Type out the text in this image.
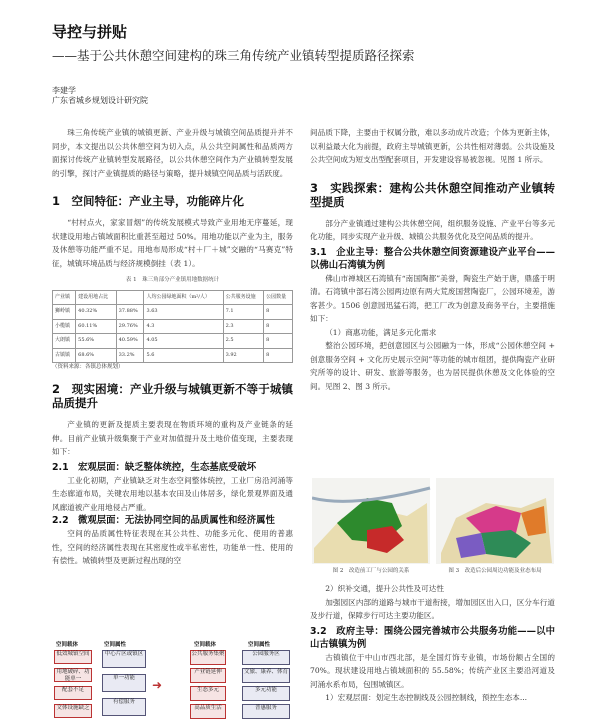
导控与拼贴
——基于公共休憩空间建构的珠三角传统产业镇转型提质路径探索
李建学
广东省城乡规划设计研究院

珠三角传统产业镇的城镇更新、产业升级与城镇空间品质提升并不同步，本文提出以公共休憩空间为切入点，从公共空间属性和品质两方面探讨传统产业镇转型发展路径，以公共休憩空间作为产业镇转型发展的引擎，探讨产业镇提质的路径与策略，提升城镇空间品质与活跃度。

1　空间特征：产业主导，功能碎片化

“村村点火，家家冒烟”的传统发展模式导致产业用地无序蔓延，现状建设用地占镇域面积比重甚至超过 50%。用地功能以产业为主，服务及休憩等功能严重不足。用地布局形成“村＋厂＋城”交融的“马赛克”特征，城镇环境品质与经济规模倒挂（表 1）。

表 1　珠三角部分产业镇用地数据统计
产业镇	建设用地占比		人均公园绿地面积（m²/人）	公共服务设施	公园数量
狮岭镇	40.32%	37.88%	3.63	7.1	8
小榄镇	60.11%	29.76%	4.3	2.3	8
大朗镇	55.6%	40.59%	4.05	2.5	8
古镇镇	68.6%	33.2%	5.6	3.92	8
（资料来源：各镇总体规划）
2　现实困境：产业升级与城镇更新不等于城镇品质提升

产业镇的更新及提质主要表现在物质环境的重构及产业链条的延伸。目前产业镇升级集聚于产业对加值提升及土地价值变现，主要表现如下：

2.1　宏观层面：缺乏整体统控，生态基底受破坏

工业化初期，产业镇缺乏对生态空间整体统控，工业厂房沿河涌等生态廊道布局，关键农用地以基本农田及山体居多，绿化景观界面及通风廊道被产业用地侵占严重。

2.2　微观层面：无法协同空间的品质属性和经济属性

空间的品质属性特征表现在其公共性、功能多元化、使用的普惠性，空间的经济属性表现在其密度性或半私密性，功能单一性、使用的有偿性。城镇转型及更新过程出现的空

空间载体	空间属性	空间载体	空间属性
低效城镇空间
用地破碎、功能单一
配套不足
文体设施缺乏
中心片区或镇区
单一功能
有偿服务
➜
公共服务集聚
产业链延伸
生态多元
高品质生活
公园服务区
文旅、康养、体育
多元功能
普惠服务

间品质下降，主要由于权属分散，难以多动成片改造；个体为更新主体，以利益最大化为前提，政府主导城镇更新，公共性相对薄弱。公共设施及公共空间成为短支出型配套项目，开发建设容易被忽视。见图 1 所示。

3　实践探索：建构公共休憩空间推动产业镇转型提质

部分产业镇通过建构公共休憩空间，组织服务设施、产业平台等多元化功能，同步实现产业升级、城镇公共服务优化及空间品质的提升。

3.1　企业主导：整合公共休憩空间资源建设产业平台——以佛山石湾镇为例

佛山市禅城区石湾镇有“南国陶都”美誉，陶瓷生产始于唐，鼎盛于明清。石湾镇中部石湾公园两边原有两大荒废国营陶瓷厂，公园环境差，游客甚少。1506 创意园迅猛石湾，把工厂改为创意及商务平台，主要措施如下：

（1）商惠功能，满足多元化需求

整治公园环境，把创意园区与公园融为一体，形成“公园休憩空间 + 创意服务空间 + 文化历史展示空间”等功能的城市组团，提供陶瓷产业研究所等的设计、研发、旅游等服务，也为居民提供休憩及文化体验的空间。见图 2、图 3 所示。

图 2　改造前工厂与公园的关系	图 3　改造后公园周边功能及业态布局

2）织补交通，提升公共性及可达性

加强园区内部的道路与城市干道衔接，增加园区出入口，区分车行道及步行道，保障步行可达主要功能区。

3.2　政府主导：围绕公园完善城市公共服务功能——以中山古镇镇为例

古镇镇位于中山市西北部，是全国灯饰专业镇，市场份额占全国的 70%。现状建设用地占镇域面积的 55.58%；传统产业区主要沿河道及河涌水系布局，包围城镇区。

1）宏观层面：划定生态控制线及公园控制线，预控生态本...
